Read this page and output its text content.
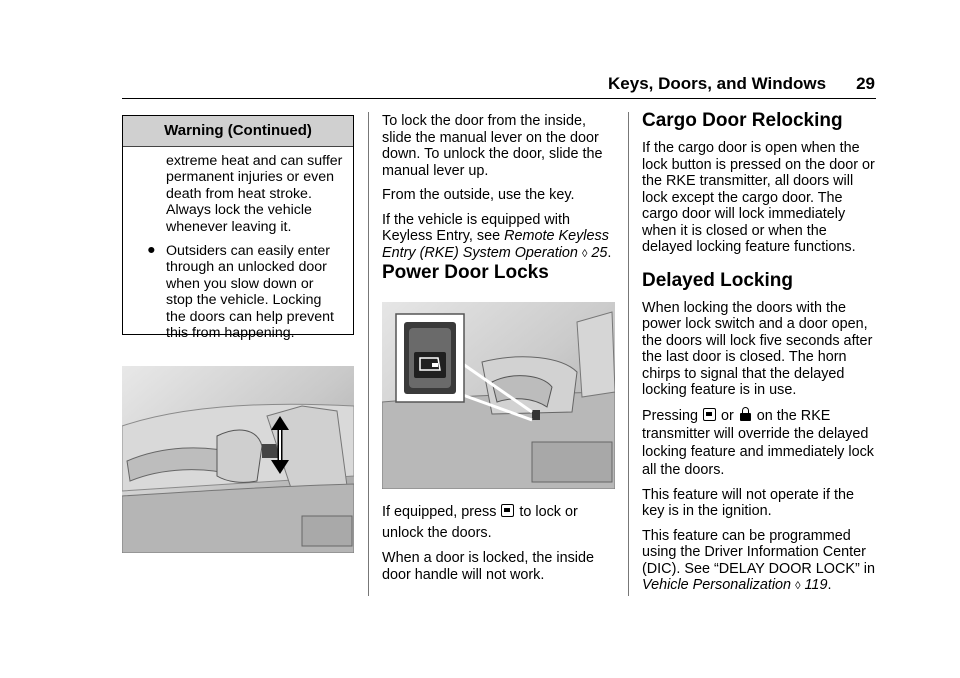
Keys, Doors, and Windows 29
Warning (Continued)
extreme heat and can suffer permanent injuries or even death from heat stroke. Always lock the vehicle whenever leaving it.
● Outsiders can easily enter through an unlocked door when you slow down or stop the vehicle. Locking the doors can help prevent this from happening.

To lock the door from the inside, slide the manual lever on the door down. To unlock the door, slide the manual lever up.

From the outside, use the key.

If the vehicle is equipped with Keyless Entry, see Remote Keyless Entry (RKE) System Operation ◊ 25.

Power Door Locks

If equipped, press  to lock or unlock the doors.

When a door is locked, the inside door handle will not work.

Cargo Door Relocking

If the cargo door is open when the lock button is pressed on the door or the RKE transmitter, all doors will lock except the cargo door. The cargo door will lock immediately when it is closed or when the delayed locking feature functions.

Delayed Locking

When locking the doors with the power lock switch and a door open, the doors will lock five seconds after the last door is closed. The horn chirps to signal that the delayed locking feature is in use.

Pressing  or  on the RKE transmitter will override the delayed locking feature and immediately lock all the doors.

This feature will not operate if the key is in the ignition.

This feature can be programmed using the Driver Information Center (DIC). See “DELAY DOOR LOCK” in Vehicle Personalization ◊ 119.
